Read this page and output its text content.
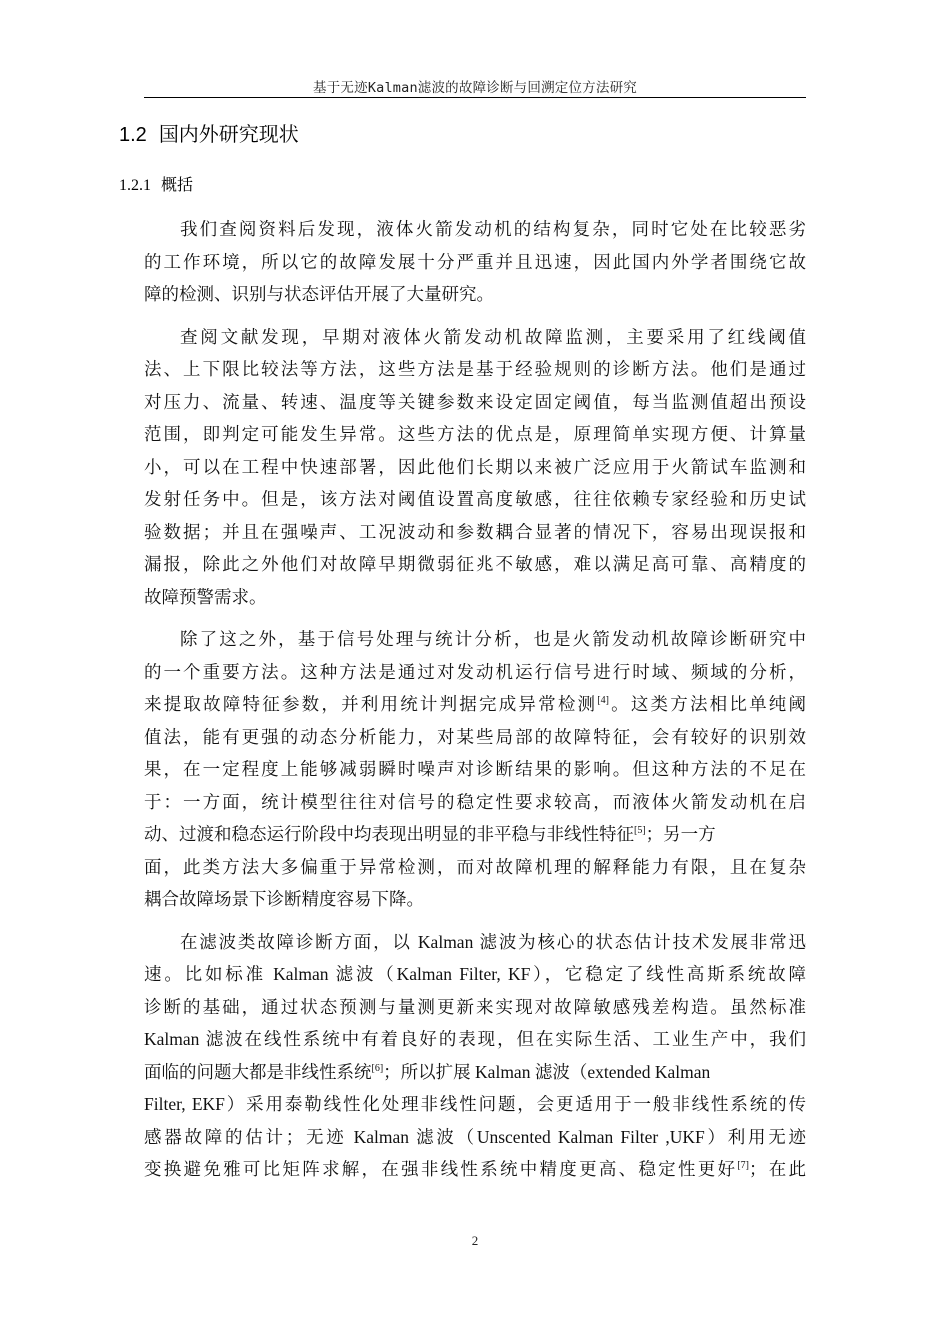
基于无迹Kalman滤波的故障诊断与回溯定位方法研究
1.2 国内外研究现状
1.2.1 概括
我们查阅资料后发现，液体火箭发动机的结构复杂，同时它处在比较恶劣
的工作环境，所以它的故障发展十分严重并且迅速，因此国内外学者围绕它故
障的检测、识别与状态评估开展了大量研究。
查阅文献发现，早期对液体火箭发动机故障监测，主要采用了红线阈值
法、上下限比较法等方法，这些方法是基于经验规则的诊断方法。他们是通过
对压力、流量、转速、温度等关键参数来设定固定阈值，每当监测值超出预设
范围，即判定可能发生异常。这些方法的优点是，原理简单实现方便、计算量
小，可以在工程中快速部署，因此他们长期以来被广泛应用于火箭试车监测和
发射任务中。但是，该方法对阈值设置高度敏感，往往依赖专家经验和历史试
验数据；并且在强噪声、工况波动和参数耦合显著的情况下，容易出现误报和
漏报，除此之外他们对故障早期微弱征兆不敏感，难以满足高可靠、高精度的
故障预警需求。
除了这之外，基于信号处理与统计分析，也是火箭发动机故障诊断研究中
的一个重要方法。这种方法是通过对发动机运行信号进行时域、频域的分析，
来提取故障特征参数，并利用统计判据完成异常检测[4]。这类方法相比单纯阈
值法，能有更强的动态分析能力，对某些局部的故障特征，会有较好的识别效
果，在一定程度上能够减弱瞬时噪声对诊断结果的影响。但这种方法的不足在
于：一方面，统计模型往往对信号的稳定性要求较高，而液体火箭发动机在启
动、过渡和稳态运行阶段中均表现出明显的非平稳与非线性特征[5]；另一方
面，此类方法大多偏重于异常检测，而对故障机理的解释能力有限，且在复杂
耦合故障场景下诊断精度容易下降。
在滤波类故障诊断方面，以 Kalman 滤波为核心的状态估计技术发展非常迅
速。比如标准 Kalman 滤波（Kalman Filter, KF），它稳定了线性高斯系统故障
诊断的基础，通过状态预测与量测更新来实现对故障敏感残差构造。虽然标准
Kalman 滤波在线性系统中有着良好的表现，但在实际生活、工业生产中，我们
面临的问题大都是非线性系统[6]；所以扩展 Kalman 滤波（extended Kalman
Filter, EKF）采用泰勒线性化处理非线性问题，会更适用于一般非线性系统的传
感器故障的估计；无迹 Kalman 滤波（Unscented Kalman Filter ,UKF）利用无迹
变换避免雅可比矩阵求解，在强非线性系统中精度更高、稳定性更好[7]；在此
2
